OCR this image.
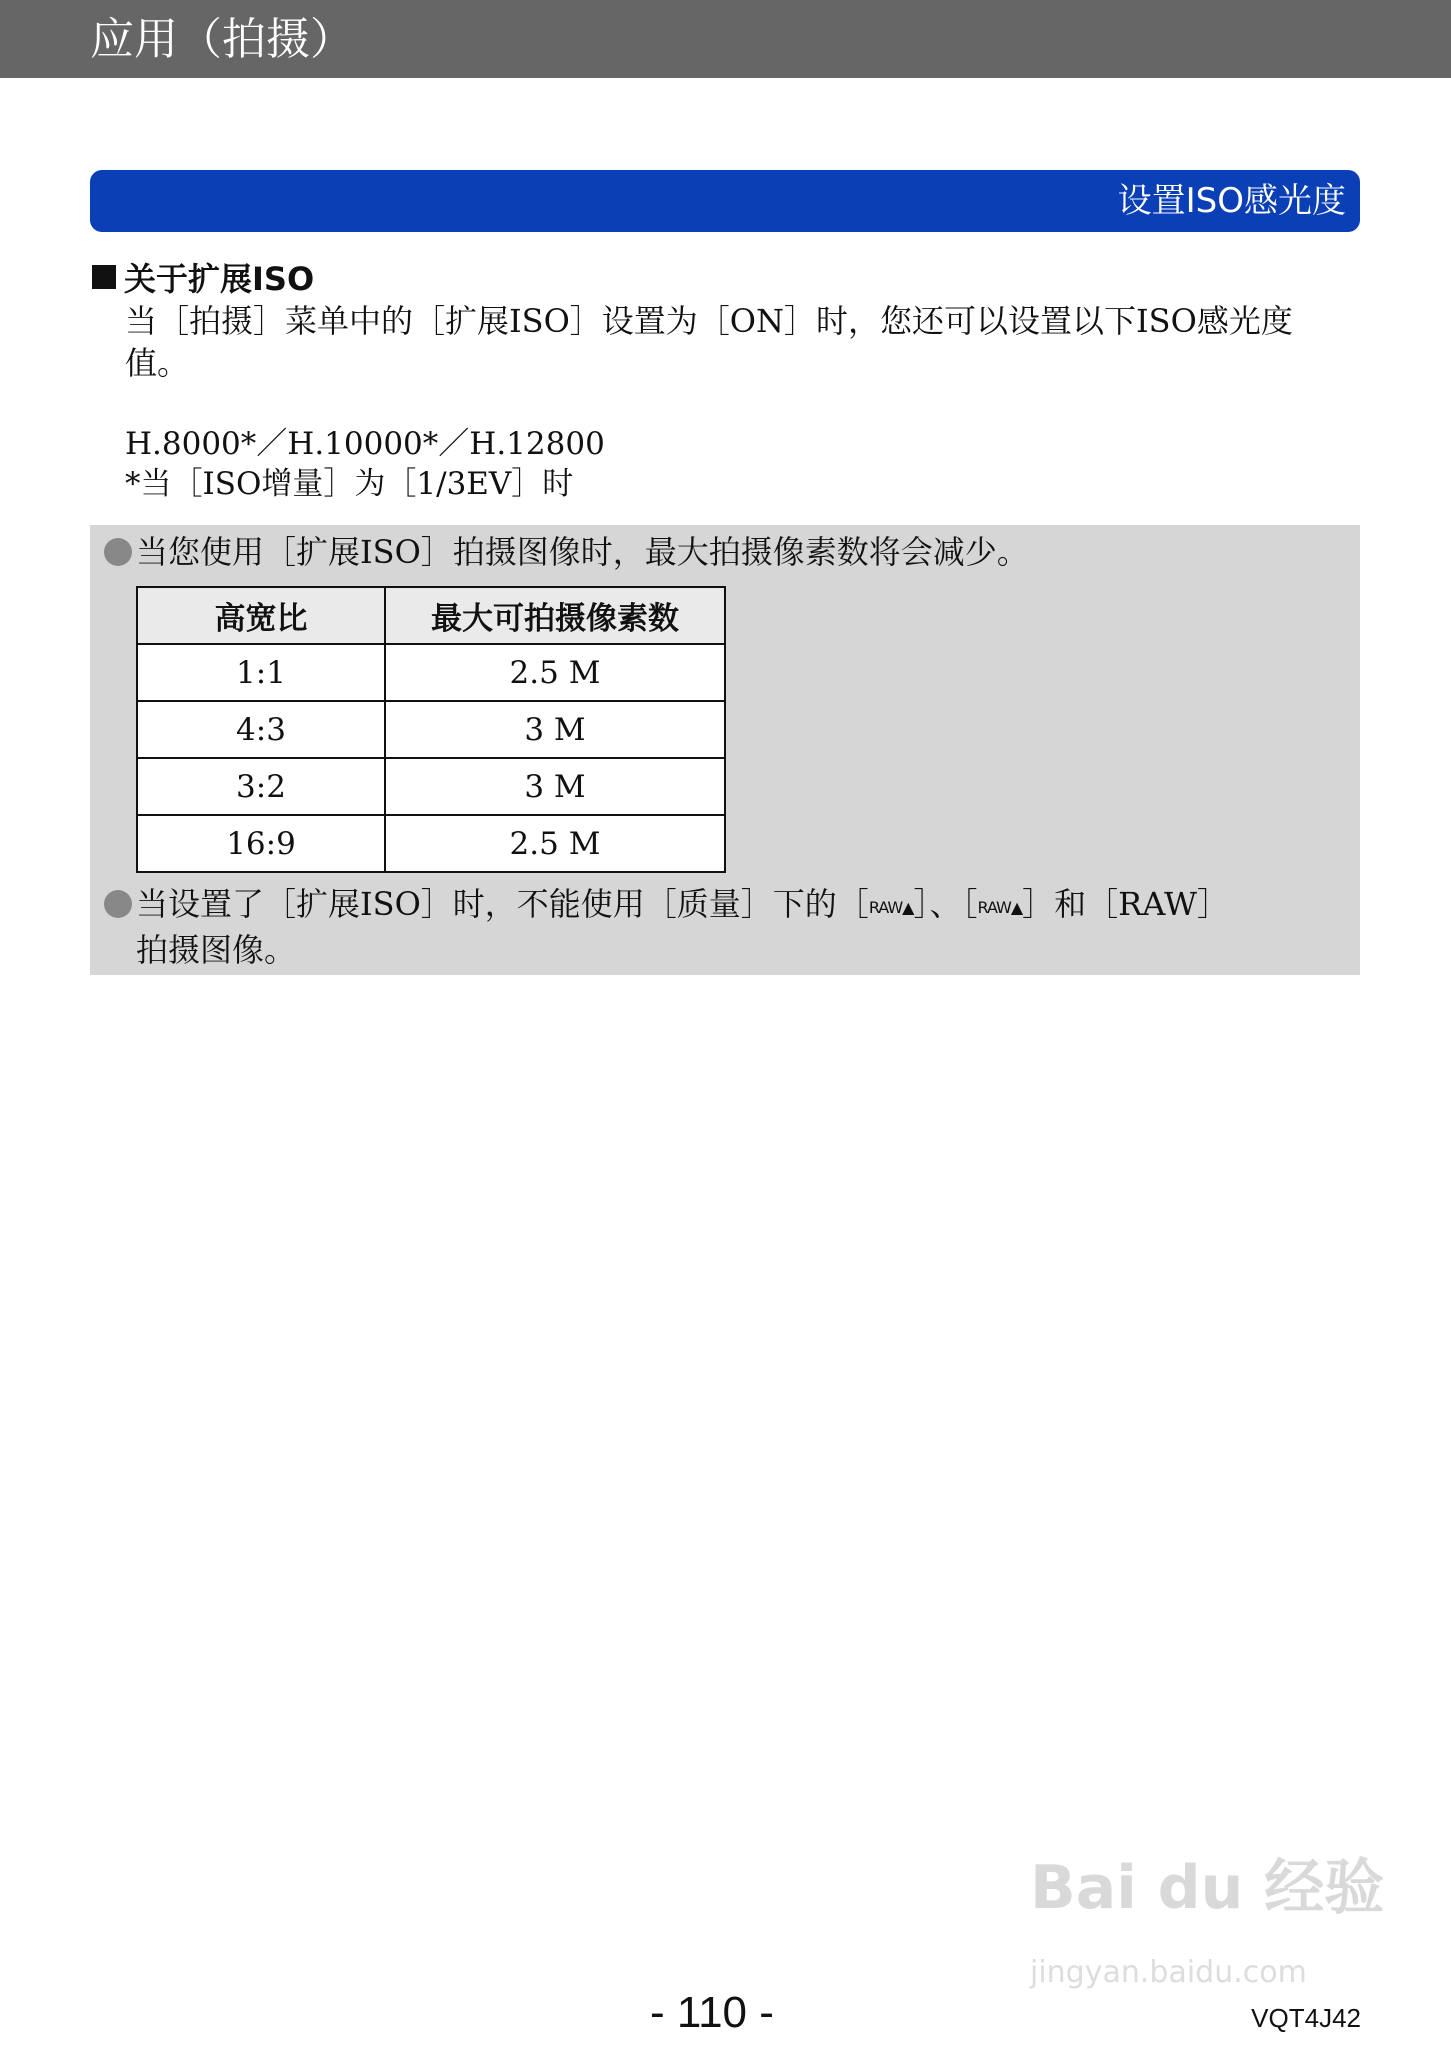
应用（拍摄）
设置ISO感光度
关于扩展ISO
当［拍摄］菜单中的［扩展ISO］设置为［ON］时，您还可以设置以下ISO感光度值。
H.8000*／H.10000*／H.12800
*当［ISO增量］为［1/3EV］时
当您使用［扩展ISO］拍摄图像时，最大拍摄像素数将会减少。
高宽比	最大可拍摄像素数
1:1	2.5 M
4:3	3 M
3:2	3 M
16:9	2.5 M
当设置了［扩展ISO］时，不能使用［质量］下的［RAW▲］、［RAW▲］和［RAW］
拍摄图像。
Bai du 经验
jingyan.baidu.com
- 110 -	VQT4J42
